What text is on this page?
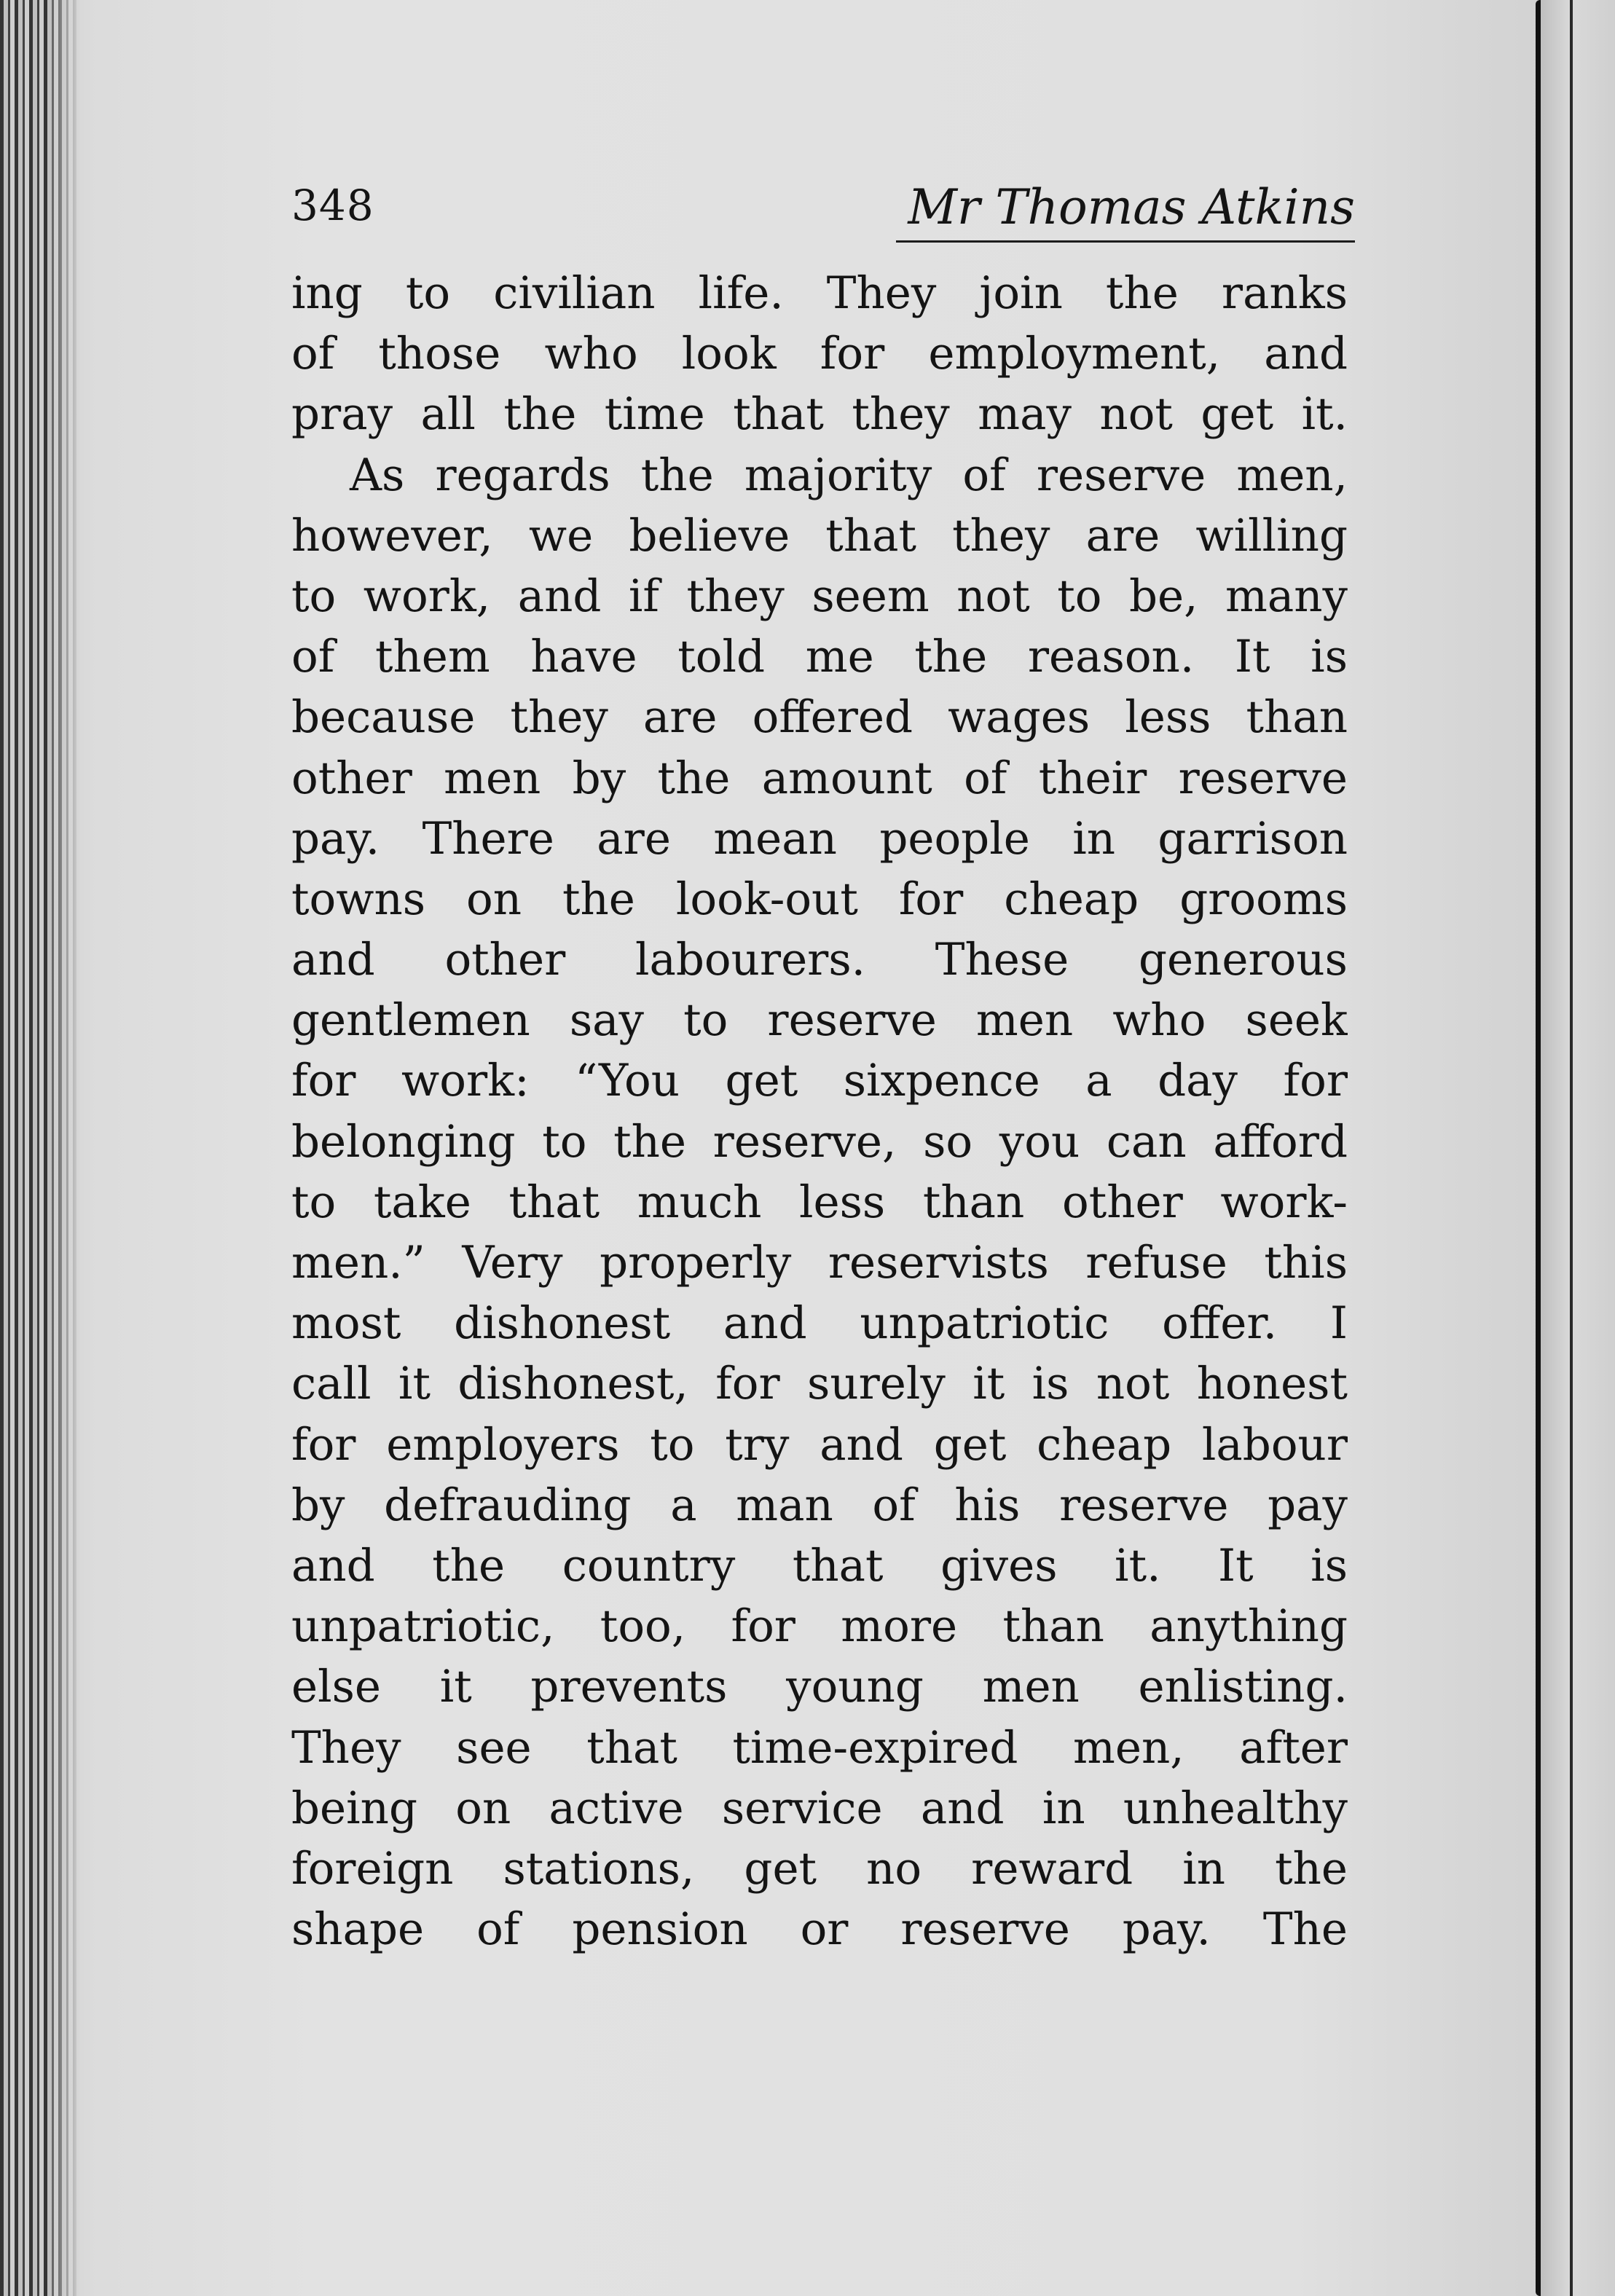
348	Mr Thomas Atkins
ing to civilian life. They join the ranks
of those who look for employment, and
pray all the time that they may not get it.
As regards the majority of reserve men,
however, we believe that they are willing
to work, and if they seem not to be, many
of them have told me the reason. It is
because they are offered wages less than
other men by the amount of their reserve
pay. There are mean people in garrison
towns on the look-out for cheap grooms
and other labourers. These generous
gentlemen say to reserve men who seek
for work: “You get sixpence a day for
belonging to the reserve, so you can afford
to take that much less than other work-
men.” Very properly reservists refuse this
most dishonest and unpatriotic offer. I
call it dishonest, for surely it is not honest
for employers to try and get cheap labour
by defrauding a man of his reserve pay
and the country that gives it. It is
unpatriotic, too, for more than anything
else it prevents young men enlisting.
They see that time-expired men, after
being on active service and in unhealthy
foreign stations, get no reward in the
shape of pension or reserve pay. The
